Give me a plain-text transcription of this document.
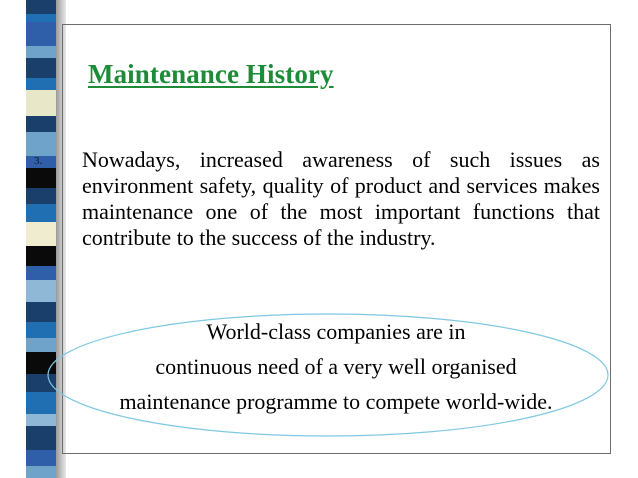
Maintenance History
3. Nowadays, increased awareness of such issues as environment safety, quality of product and services makes maintenance one of the most important functions that contribute to the success of the industry.

World-class companies are in
continuous need of a very well organised
maintenance programme to compete world-wide.
